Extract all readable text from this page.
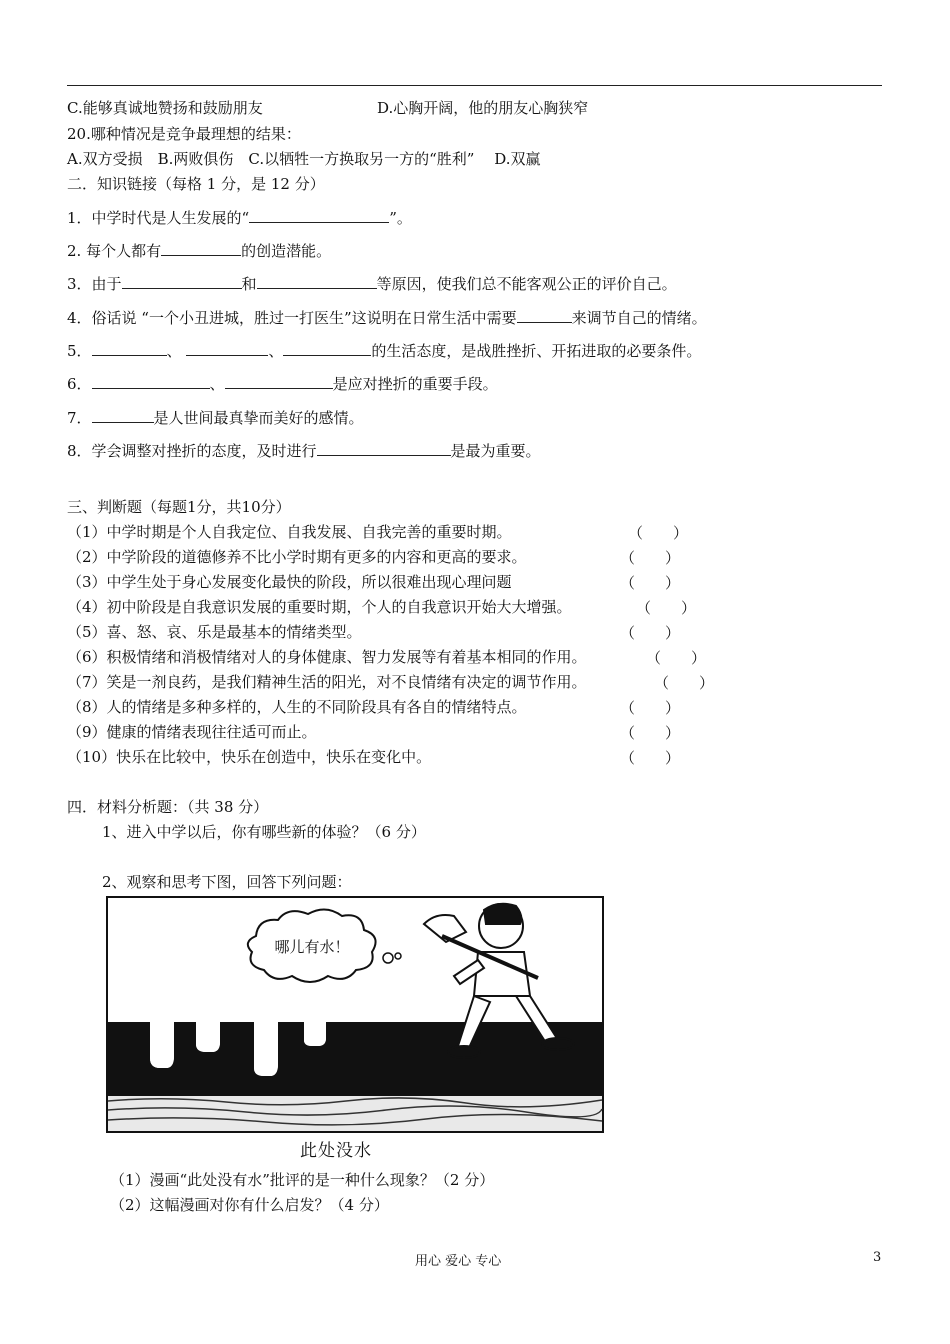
C.能够真诚地赞扬和鼓励朋友	D.心胸开阔，他的朋友心胸狭窄
20.哪种情况是竞争最理想的结果：
A.双方受损　B.两败俱伤　C.以牺牲一方换取另一方的“胜利”　 D.双赢
二．知识链接（每格 1 分，是 12 分）
1．中学时代是人生发展的“	”。
2. 每个人都有	的创造潜能。
3．由于	和	等原因，使我们总不能客观公正的评价自己。
4．俗话说 “一个小丑进城，胜过一打医生”这说明在日常生活中需要	来调节自己的情绪。
5．	、	、	的生活态度，是战胜挫折、开拓进取的必要条件。
6．	、	是应对挫折的重要手段。
7．	是人世间最真挚而美好的感情。
8．学会调整对挫折的态度，及时进行	是最为重要。
三、判断题（每题1分，共10分）
（1）中学时期是个人自我定位、自我发展、自我完善的重要时期。	（　　）
（2）中学阶段的道德修养不比小学时期有更多的内容和更高的要求。	（　　）
（3）中学生处于身心发展变化最快的阶段，所以很难出现心理问题	（　　）
（4）初中阶段是自我意识发展的重要时期，个人的自我意识开始大大增强。	（　　）
（5）喜、怒、哀、乐是最基本的情绪类型。	（　　）
（6）积极情绪和消极情绪对人的身体健康、智力发展等有着基本相同的作用。	（　　）
（7）笑是一剂良药，是我们精神生活的阳光，对不良情绪有决定的调节作用。	（　　）
（8）人的情绪是多种多样的，人生的不同阶段具有各自的情绪特点。	（　　）
（9）健康的情绪表现往往适可而止。	（　　）
（10）快乐在比较中，快乐在创造中，快乐在变化中。	（　　）
四．材料分析题：（共 38 分）
1、进入中学以后，你有哪些新的体验？（6 分）
2、观察和思考下图，回答下列问题：
哪儿有水！
此处没水
（1）漫画“此处没有水”批评的是一种什么现象？（2 分）
（2）这幅漫画对你有什么启发？（4 分）
用心 爱心 专心	3
